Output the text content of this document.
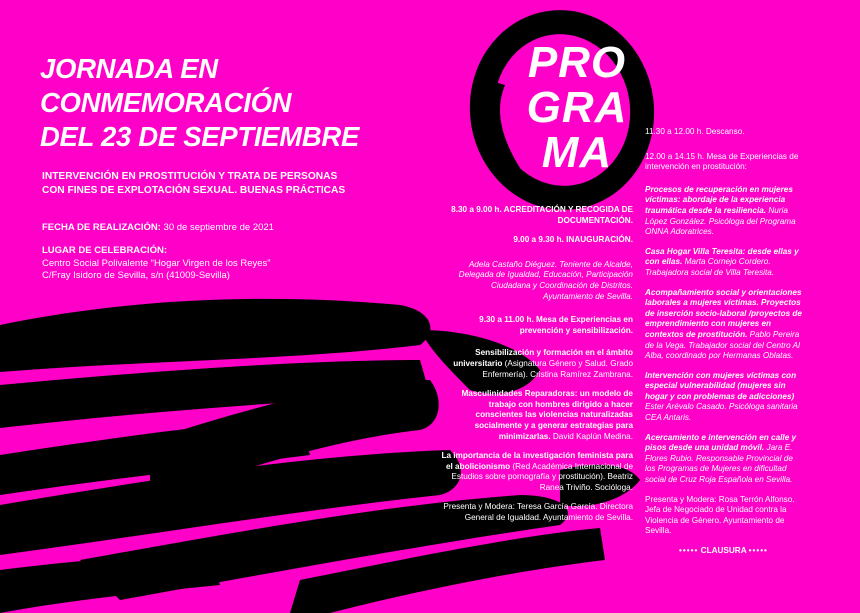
JORNADA EN
CONMEMORACIÓN
DEL 23 DE SEPTIEMBRE
INTERVENCIÓN EN PROSTITUCIÓN Y TRATA DE PERSONAS
CON FINES DE EXPLOTACIÓN SEXUAL. BUENAS PRÁCTICAS
FECHA DE REALIZACIÓN: 30 de septiembre de 2021
LUGAR DE CELEBRACIÓN:
Centro Social Polivalente “Hogar Virgen de los Reyes”
C/Fray Isidoro de Sevilla, s/n (41009-Sevilla)
PRO
GRA
MA
8.30 a 9.00 h. ACREDITACIÓN Y RECOGIDA DE DOCUMENTACIÓN.
9.00 a 9.30 h. INAUGURACIÓN.
Adela Castaño Diéguez. Teniente de Alcalde, Delegada de Igualdad, Educación, Participación Ciudadana y Coordinación de Distritos. Ayuntamiento de Sevilla.
9.30 a 11.00 h. Mesa de Experiencias en prevención y sensibilización.
Sensibilización y formación en el ámbito universitario (Asignatura Género y Salud. Grado Enfermería). Cristina Ramírez Zambrana.
Masculinidades Reparadoras: un modelo de trabajo con hombres dirigido a hacer conscientes las violencias naturalizadas socialmente y a generar estrategias para minimizarlas. David Kaplún Medina.
La importancia de la investigación feminista para el abolicionismo (Red Académica Internacional de Estudios sobre pornografía y prostitución). Beatriz Ranea Triviño. Socióloga.
Presenta y Modera: Teresa García García. Directora General de Igualdad. Ayuntamiento de Sevilla.
11.30 a 12.00 h. Descanso.
12.00 a 14.15 h. Mesa de Experiencias de intervención en prostitución:
Procesos de recuperación en mujeres víctimas: abordaje de la experiencia traumática desde la resiliencia. Nuria López González. Psicóloga del Programa ONNA Adoratrices.
Casa Hogar Villa Teresita: desde ellas y con ellas. Marta Cornejo Cordero. Trabajadora social de Villa Teresita.
Acompañamiento social y orientaciones laborales a mujeres víctimas. Proyectos de inserción socio-laboral /proyectos de emprendimiento con mujeres en contextos de prostitución. Pablo Pereira de la Vega. Trabajador social del Centro Al Alba, coordinado por Hermanas Oblatas.
Intervención con mujeres víctimas con especial vulnerabilidad (mujeres sin hogar y con problemas de adicciones) Ester Arévalo Casado. Psicóloga sanitaria CEA Antaris.
Acercamiento e intervención en calle y pisos desde una unidad móvil. Jara E. Flores Rubio. Responsable Provincial de los Programas de Mujeres en dificultad social de Cruz Roja Española en Sevilla.
Presenta y Modera: Rosa Terrón Alfonso. Jefa de Negociado de Unidad contra la Violencia de Género. Ayuntamiento de Sevilla.
••••• CLAUSURA •••••
